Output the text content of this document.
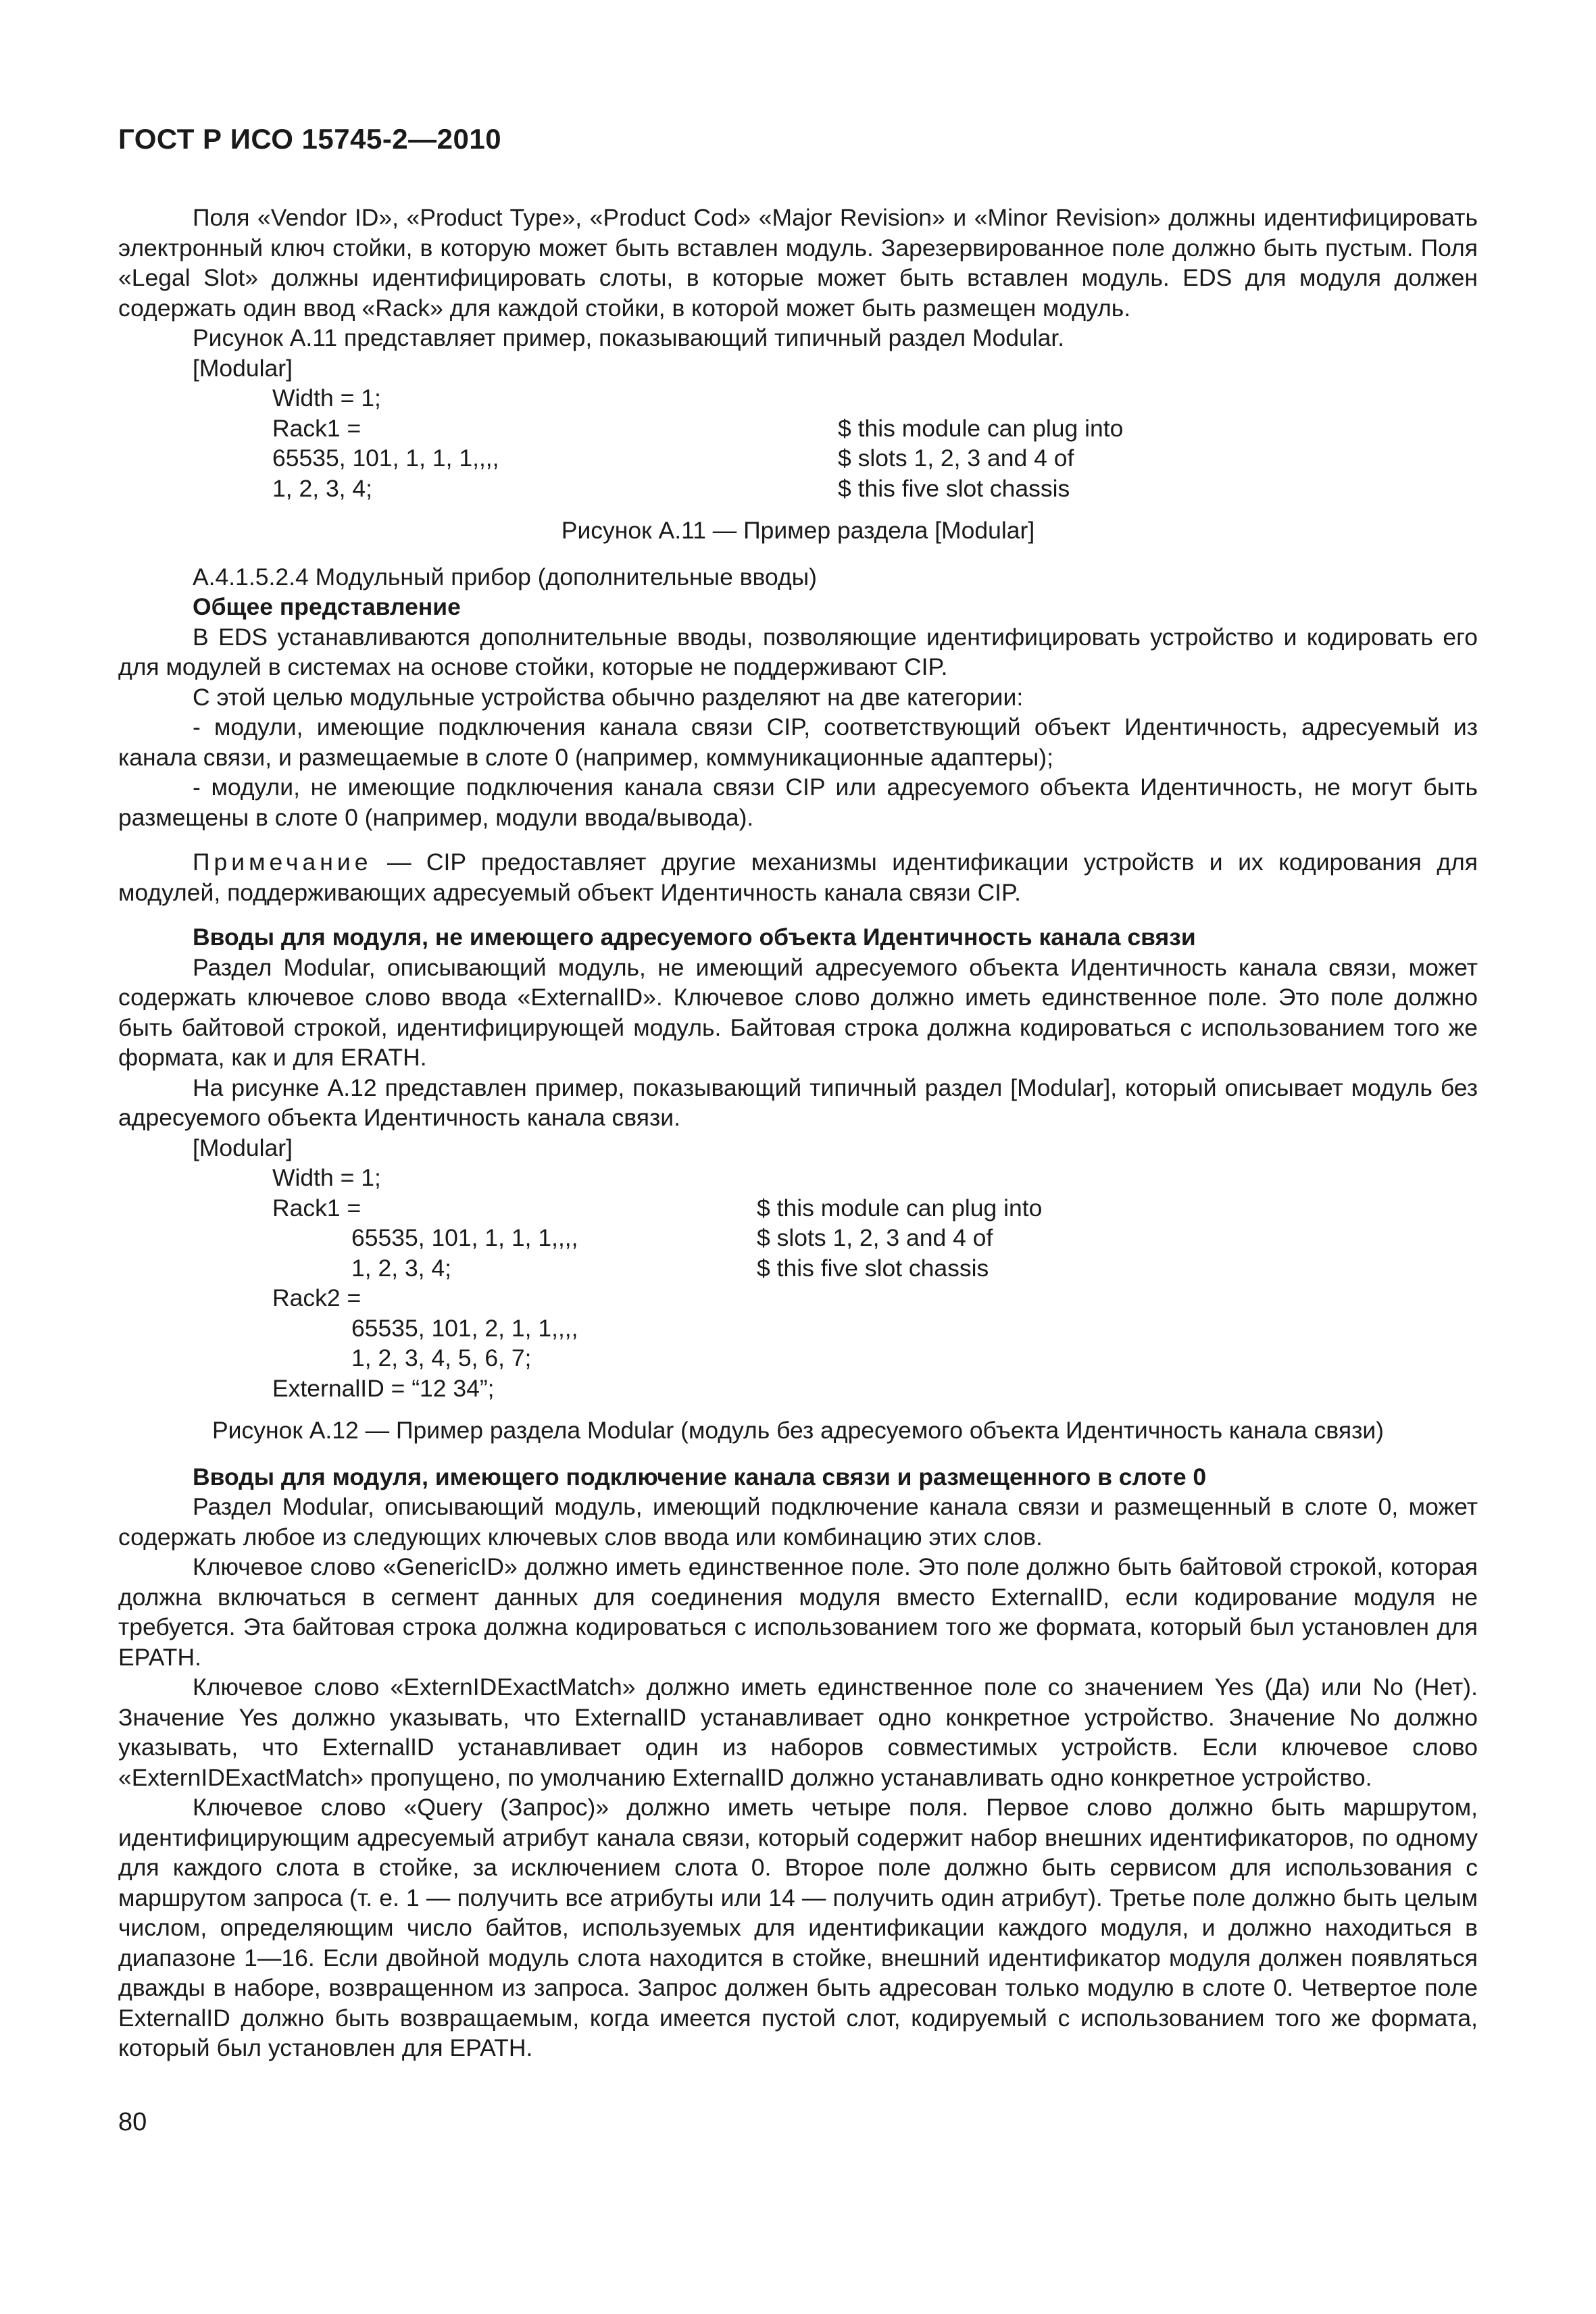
ГОСТ Р ИСО 15745-2—2010

Поля «Vendor ID», «Product Type», «Product Cod» «Major Revision» и «Minor Revision» должны идентифицировать электронный ключ стойки, в которую может быть вставлен модуль. Зарезервированное поле должно быть пустым. Поля «Legal Slot» должны идентифицировать слоты, в которые может быть вставлен модуль. EDS для модуля должен содержать один ввод «Rack» для каждой стойки, в которой может быть размещен модуль.

Рисунок А.11 представляет пример, показывающий типичный раздел Modular.

[Modular]
Width = 1;
Rack1 =	$ this module can plug into
65535, 101, 1, 1, 1,,,,	$ slots 1, 2, 3 and 4 of
1, 2, 3, 4;	$ this five slot chassis

Рисунок А.11 — Пример раздела [Modular]

А.4.1.5.2.4 Модульный прибор (дополнительные вводы)

Общее представление

В EDS устанавливаются дополнительные вводы, позволяющие идентифицировать устройство и кодировать его для модулей в системах на основе стойки, которые не поддерживают CIP.

С этой целью модульные устройства обычно разделяют на две категории:

- модули, имеющие подключения канала связи CIP, соответствующий объект Идентичность, адресуемый из канала связи, и размещаемые в слоте 0 (например, коммуникационные адаптеры);

- модули, не имеющие подключения канала связи CIP или адресуемого объекта Идентичность, не могут быть размещены в слоте 0 (например, модули ввода/вывода).

Примечание — CIP предоставляет другие механизмы идентификации устройств и их кодирования для модулей, поддерживающих адресуемый объект Идентичность канала связи CIP.

Вводы для модуля, не имеющего адресуемого объекта Идентичность канала связи

Раздел Modular, описывающий модуль, не имеющий адресуемого объекта Идентичность канала связи, может содержать ключевое слово ввода «ExternalID». Ключевое слово должно иметь единственное поле. Это поле должно быть байтовой строкой, идентифицирующей модуль. Байтовая строка должна кодироваться с использованием того же формата, как и для ERATH.

На рисунке А.12 представлен пример, показывающий типичный раздел [Modular], который описывает модуль без адресуемого объекта Идентичность канала связи.

[Modular]
Width = 1;
Rack1 =	$ this module can plug into
65535, 101, 1, 1, 1,,,,	$ slots 1, 2, 3 and 4 of
1, 2, 3, 4;	$ this five slot chassis
Rack2 =
65535, 101, 2, 1, 1,,,,
1, 2, 3, 4, 5, 6, 7;
ExternalID = “12 34”;

Рисунок А.12 — Пример раздела Modular (модуль без адресуемого объекта Идентичность канала связи)

Вводы для модуля, имеющего подключение канала связи и размещенного в слоте 0

Раздел Modular, описывающий модуль, имеющий подключение канала связи и размещенный в слоте 0, может содержать любое из следующих ключевых слов ввода или комбинацию этих слов.

Ключевое слово «GenericID» должно иметь единственное поле. Это поле должно быть байтовой строкой, которая должна включаться в сегмент данных для соединения модуля вместо ExternalID, если кодирование модуля не требуется. Эта байтовая строка должна кодироваться с использованием того же формата, который был установлен для EPATH.

Ключевое слово «ExternIDExactMatch» должно иметь единственное поле со значением Yes (Да) или No (Нет). Значение Yes должно указывать, что ExternalID устанавливает одно конкретное устройство. Значение No должно указывать, что ExternalID устанавливает один из наборов совместимых устройств. Если ключевое слово «ExternIDExactMatch» пропущено, по умолчанию ExternalID должно устанавливать одно конкретное устройство.

Ключевое слово «Query (Запрос)» должно иметь четыре поля. Первое слово должно быть маршрутом, идентифицирующим адресуемый атрибут канала связи, который содержит набор внешних идентификаторов, по одному для каждого слота в стойке, за исключением слота 0. Второе поле должно быть сервисом для использования с маршрутом запроса (т. е. 1 — получить все атрибуты или 14 — получить один атрибут). Третье поле должно быть целым числом, определяющим число байтов, используемых для идентификации каждого модуля, и должно находиться в диапазоне 1—16. Если двойной модуль слота находится в стойке, внешний идентификатор модуля должен появляться дважды в наборе, возвращенном из запроса. Запрос должен быть адресован только модулю в слоте 0. Четвертое поле ExternalID должно быть возвращаемым, когда имеется пустой слот, кодируемый с использованием того же формата, который был установлен для EPATH.

80
